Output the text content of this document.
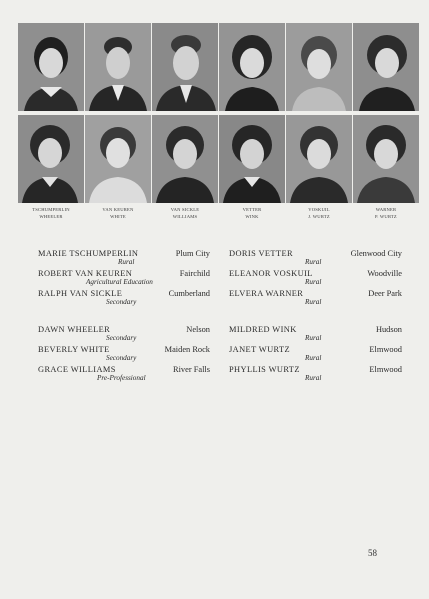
TSCHUMPERLIN
WHEELER
VAN KEUREN
WHITE
VAN SICKLE
WILLIAMS
VETTER
WINK
VOSKUIL
J. WURTZ
WARNER
P. WURTZ
MARIE TSCHUMPERLIN	Plum City
Rural
ROBERT VAN KEUREN	Fairchild
Agricultural Education
RALPH VAN SICKLE	Cumberland
Secondary
DORIS VETTER	Glenwood City
Rural
ELEANOR VOSKUIL	Woodville
Rural
ELVERA WARNER	Deer Park
Rural
DAWN WHEELER	Nelson
Secondary
BEVERLY WHITE	Maiden Rock
Secondary
GRACE WILLIAMS	River Falls
Pre-Professional
MILDRED WINK	Hudson
Rural
JANET WURTZ	Elmwood
Rural
PHYLLIS WURTZ	Elmwood
Rural
58
